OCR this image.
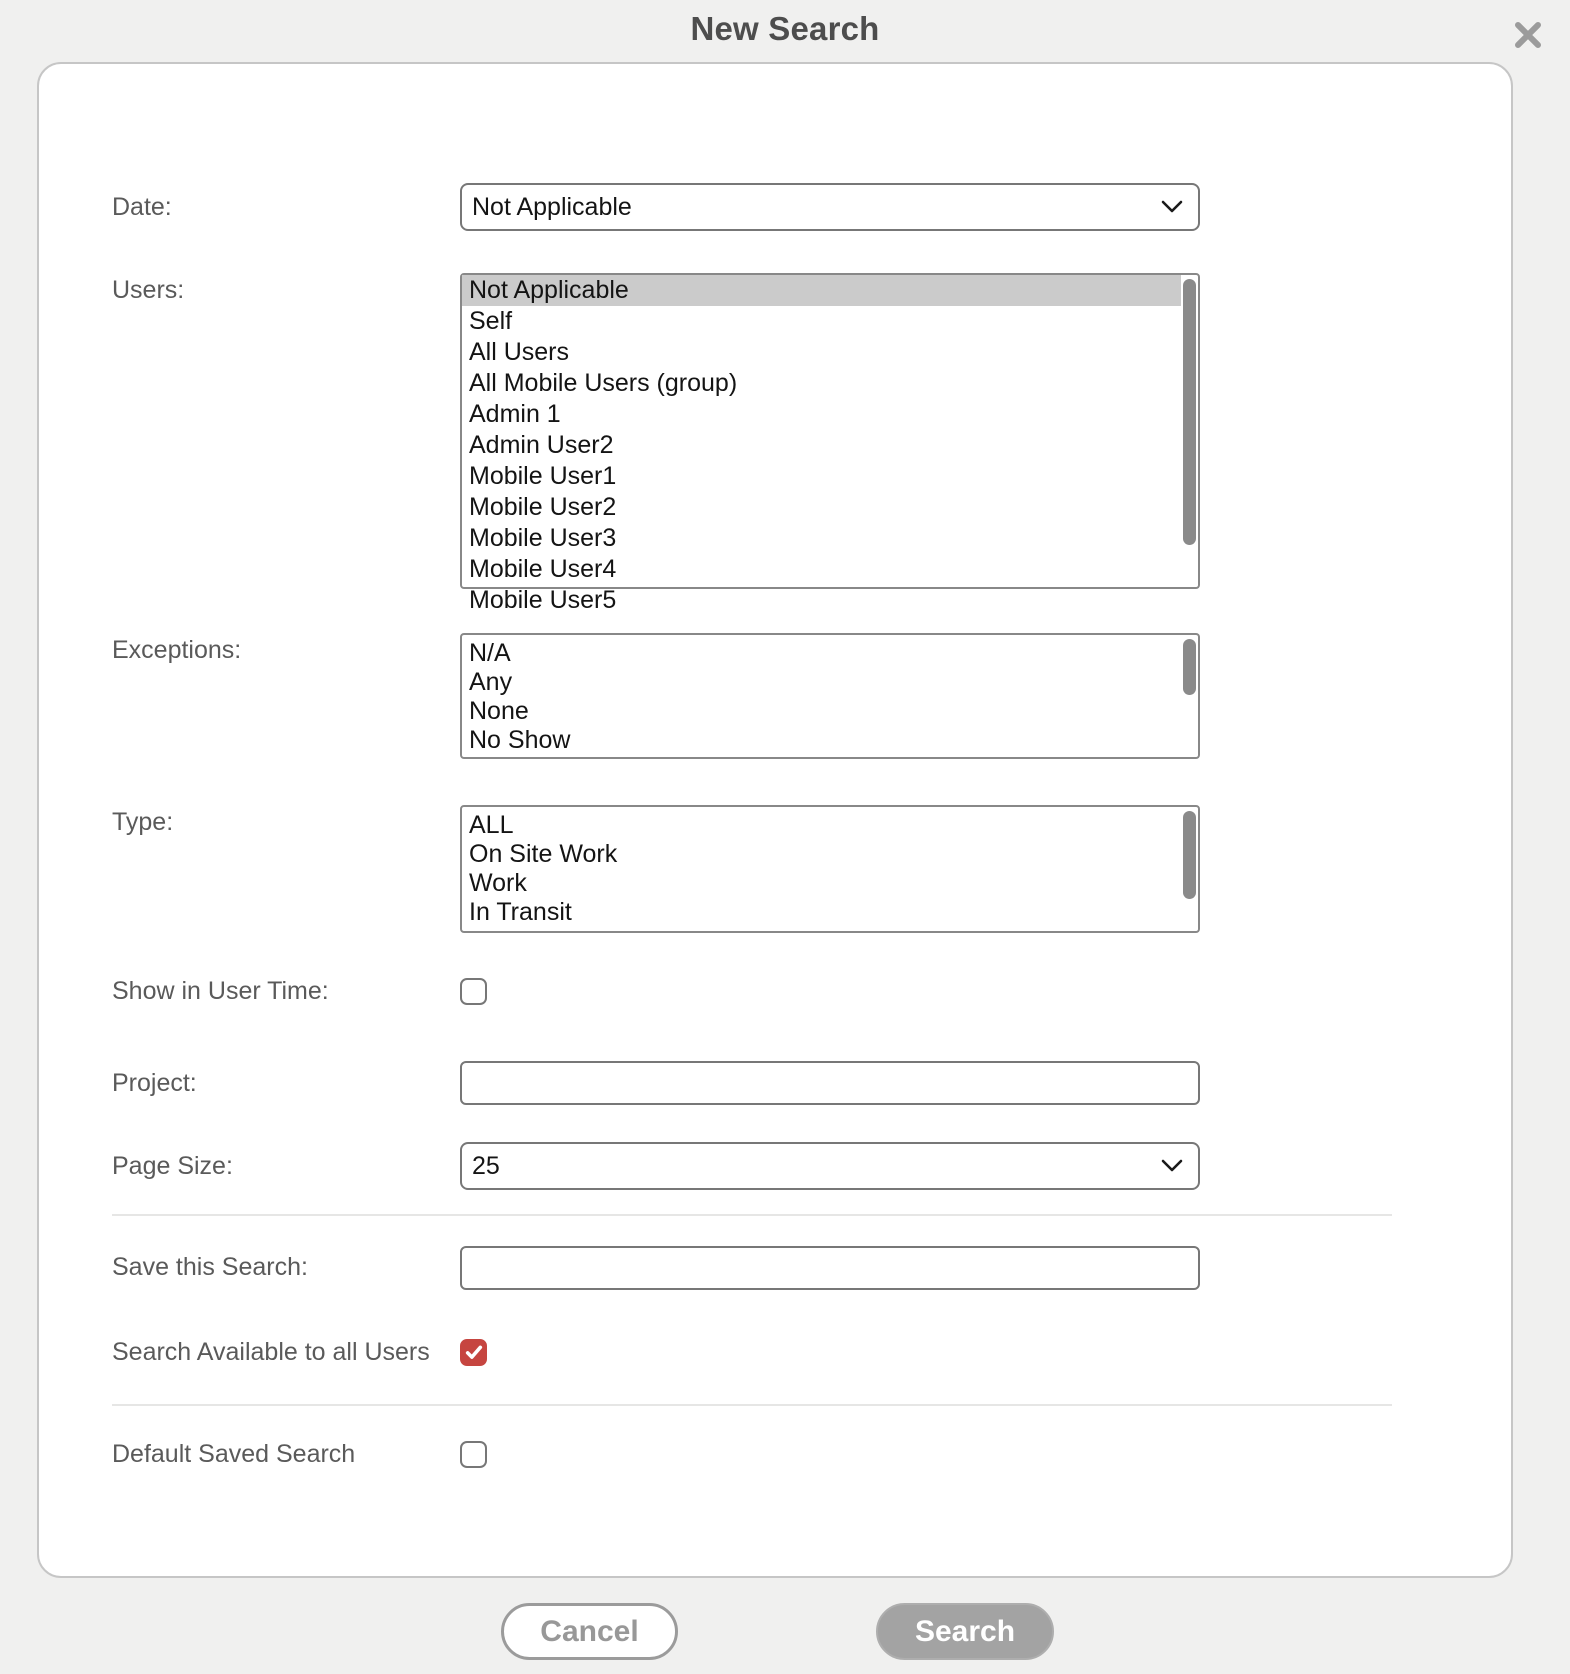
New Search
Date:	Not Applicable
Users:	Not Applicable
Self
All Users
All Mobile Users (group)
Admin 1
Admin User2
Mobile User1
Mobile User2
Mobile User3
Mobile User4
Mobile User5
Exceptions:	N/A
Any
None
No Show
Type:	ALL
On Site Work
Work
In Transit
Show in User Time:
Project:
Page Size:	25
Save this Search:
Search Available to all Users
Default Saved Search
Cancel	Search
